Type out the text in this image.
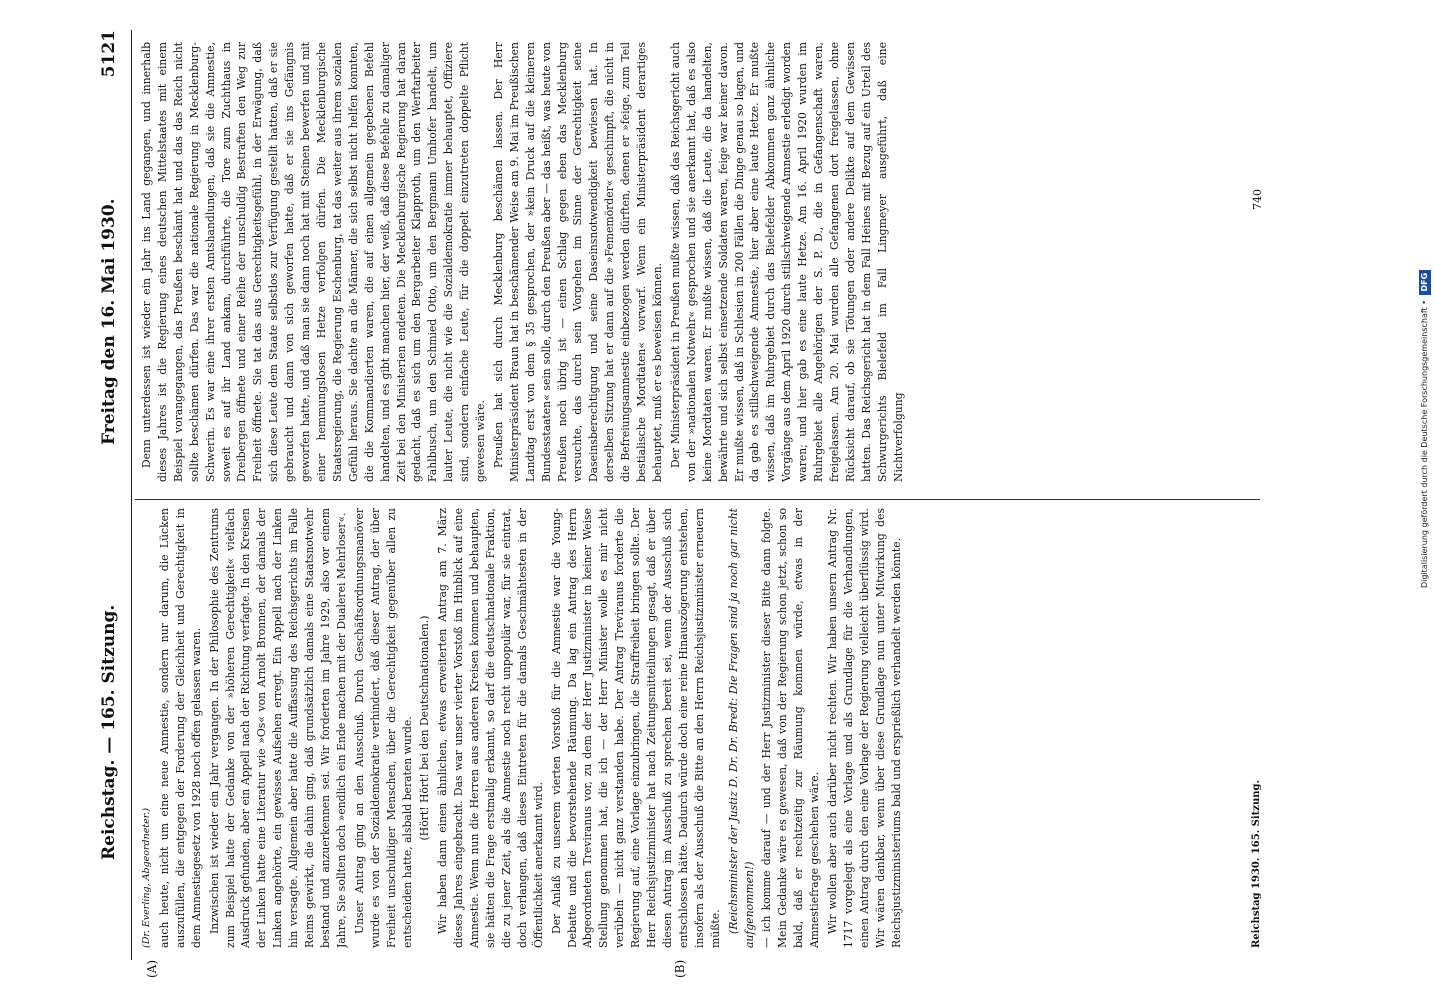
Reichstag. — 165. Sitzung.
Freitag den 16. Mai 1930.
5121
(A)	(B)

(Dr. Everling, Abgeordneter.) auch heute, nicht um eine neue Amnestie, sondern nur darum, die Lücken auszufüllen, die entgegen der Forderung der Gleichheit und Gerechtigkeit in dem Amnestiegesetz von 1928 noch offen gelassen waren. Inzwischen ist wieder ein Jahr vergangen. In der Philosophie des Zentrums zum Beispiel hatte der Gedanke von der »höheren Gerechtigkeit« vielfach Ausdruck gefunden, aber ein Appell nach der Richtung verfagte. In den Kreisen der Linken hatte eine Literatur wie »Os« von Arnolt Bronnen, der damals der Linken angehörte, ein gewisses Aufsehen erregt. Ein Appell nach der Linken hin versagte. Allgemein aber hatte die Auffassung des Reichsgerichts im Falle Reims gewirkt, die dahin ging, daß grundsätzlich damals eine Staatsnotwehr bestand und anzuerkennen sei. Wir forderten im Jahre 1929, also vor einem Jahre, Sie sollten doch »endlich ein Ende machen mit der Dualerei Mehrloser«. Unser Antrag ging an den Ausschuß. Durch Geschäftsordnungsmanöver wurde es von der Sozialdemokratie verhindert, daß dieser Antrag, der über Freiheit unschuldiger Menschen, über die Gerechtigkeit gegenüber allen zu entscheiden hatte, alsbald beraten wurde. (Hört! Hört! bei den Deutschnationalen.) Wir haben dann einen ähnlichen, etwas erweiterten Antrag am 7. März dieses Jahres eingebracht. Das war unser vierter Vorstoß im Hinblick auf eine Amnestie. Wenn nun die Herren aus anderen Kreisen kommen und behaupten, sie hätten die Frage erstmalig erkannt, so darf die deutschnationale Fraktion, die zu jener Zeit, als die Amnestie noch recht unpopulär war, für sie eintrat, doch verlangen, daß dieses Eintreten für die damals Geschmähtesten in der Öffentlichkeit anerkannt wird. Der Anlaß zu unserem vierten Vorstoß für die Amnestie war die Young-Debatte und die bevorstehende Räumung. Da lag ein Antrag des Herrn Abgeordneten Treviranus vor, zu dem der Herr Justizminister in keiner Weise Stellung genommen hat, die ich — der Herr Minister wolle es mir nicht verübeln — nicht ganz verstanden habe. Der Antrag Treviranus forderte die Regierung auf, eine Vorlage einzubringen, die Straffreiheit bringen sollte. Der Herr Reichsjustizminister hat nach Zeitungsmitteilungen gesagt, daß er über diesen Antrag im Ausschuß zu sprechen bereit sei, wenn der Ausschuß sich entschlossen hätte. Dadurch würde doch eine reine Hinauszögerung entstehen, insofern als der Ausschuß die Bitte an den Herrn Reichsjustizminister erneuern müßte. (Reichsminister der Justiz D. Dr. Dr. Bredt: Die Fragen sind ja noch gar nicht aufgenommen!) — ich komme darauf — und der Herr Justizminister dieser Bitte dann folgte. Mein Gedanke wäre es gewesen, daß von der Regierung schon jetzt, schon so bald, daß er rechtzeitig zur Räumung kommen würde, etwas in der Amnestiefrage geschehen wäre. Wir wollen aber auch darüber nicht rechten. Wir haben unsern Antrag Nr. 1717 vorgelegt als eine Vorlage und als Grundlage für die Verhandlungen, einen Antrag durch den eine Vorlage der Regierung vielleicht überflüssig wird. Wir wären dankbar, wenn über diese Grundlage nun unter Mitwirkung des Reichsjustizministeriums bald und ersprießlich verhandelt werden könnte.

Denn unterdessen ist wieder ein Jahr ins Land gegangen, und innerhalb dieses Jahres ist die Regierung eines deutschen Mittelstaates mit einem Beispiel vorangegangen, das Preußen beschämt hat und das das Reich nicht sollte beschämen dürfen. Das war die nationale Regierung in Mecklenburg-Schwerin. Es war eine ihrer ersten Amtshandlungen, daß sie die Amnestie, soweit es auf ihr Land ankam, durchführte, die Tore zum Zuchthaus in Dreibergen öffnete und einer Reihe der unschuldig Bestraften den Weg zur Freiheit öffnete. Sie tat das aus Gerechtigkeitsgefühl, in der Erwägung, daß sich diese Leute dem Staate selbstlos zur Verfügung gestellt hatten, daß er sie gebraucht und dann von sich geworfen hatte, daß er sie ins Gefängnis geworfen hatte, und daß man sie dann noch hat mit Steinen bewerfen und mit einer hemmungslosen Hetze verfolgen dürfen. Die Mecklenburgische Staatsregierung, die Regierung Eschenburg, tat das weiter aus ihrem sozialen Gefühl heraus. Sie dachte an die Männer, die sich selbst nicht helfen konnten, die die Kommandierten waren, die auf einen allgemein gegebenen Befehl handelten, und es gibt manchen hier, der weiß, daß diese Befehle zu damaliger Zeit bei den Ministerien endeten. Die Mecklenburgische Regierung hat daran gedacht, daß es sich um den Bergarbeiter Klapproth, um den Werftarbeiter Fahlbusch, um den Schmied Otto, um den Bergmann Umhofer handelt, um lauter Leute, die nicht wie die Sozialdemokratie immer behauptet, Offiziere sind, sondern einfache Leute, für die doppelt einzutreten doppelte Pflicht gewesen wäre. Preußen hat sich durch Mecklenburg beschämen lassen. Der Herr Ministerpräsident Braun hat in beschämender Weise am 9. Mai im Preußischen Landtag erst von dem § 35 gesprochen, der »kein Druck auf die kleineren Bundesstaaten« sein solle, durch den Preußen aber — das heißt, was heute von Preußen noch übrig ist — einen Schlag gegen eben das Mecklenburg versuchte, das durch sein Vorgehen im Sinne der Gerechtigkeit seine Daseinsberechtigung und seine Daseinsnotwendigkeit bewiesen hat. In derselben Sitzung hat er dann auf die »Fememörder« geschimpft, die nicht in die Befreiungsamnestie einbezogen werden dürften, denen er »feige, zum Teil bestialische Mordtaten« vorwarf. Wenn ein Ministerpräsident derartiges behauptet, muß er es beweisen können. Der Ministerpräsident in Preußen mußte wissen, daß das Reichsgericht auch von der »nationalen Notwehr« gesprochen und sie anerkannt hat, daß es also keine Mordtaten waren. Er mußte wissen, daß die Leute, die da handelten, bewährte und sich selbst einsetzende Soldaten waren, feige war keiner davon. Er mußte wissen, daß in Schlesien in 200 Fällen die Dinge genau so lagen, und da gab es stillschweigende Amnestie, hier aber eine laute Hetze. Er mußte wissen, daß im Ruhrgebiet durch das Bielefelder Abkommen ganz ähnliche Vorgänge aus dem April 1920 durch stillschweigende Amnestie erledigt worden waren; und hier gab es eine laute Hetze. Am 16. April 1920 wurden im Ruhrgebiet alle Angehörigen der S. P. D., die in Gefangenschaft waren, freigelassen. Am 20. Mai wurden alle Gefangenen dort freigelassen, ohne Rücksicht darauf, ob sie Tötungen oder andere Delikte auf dem Gewissen hatten. Das Reichsgericht hat in dem Fall Heines mit Bezug auf ein Urteil des Schwurgerichts Bielefeld im Fall Lingmeyer ausgeführt, daß eine Nichtverfolgung

Reichstag 1930. 165. Sitzung.
740
Digitalisierung gefördert durch die Deutsche Forschungsgemeinschaft • DFG
